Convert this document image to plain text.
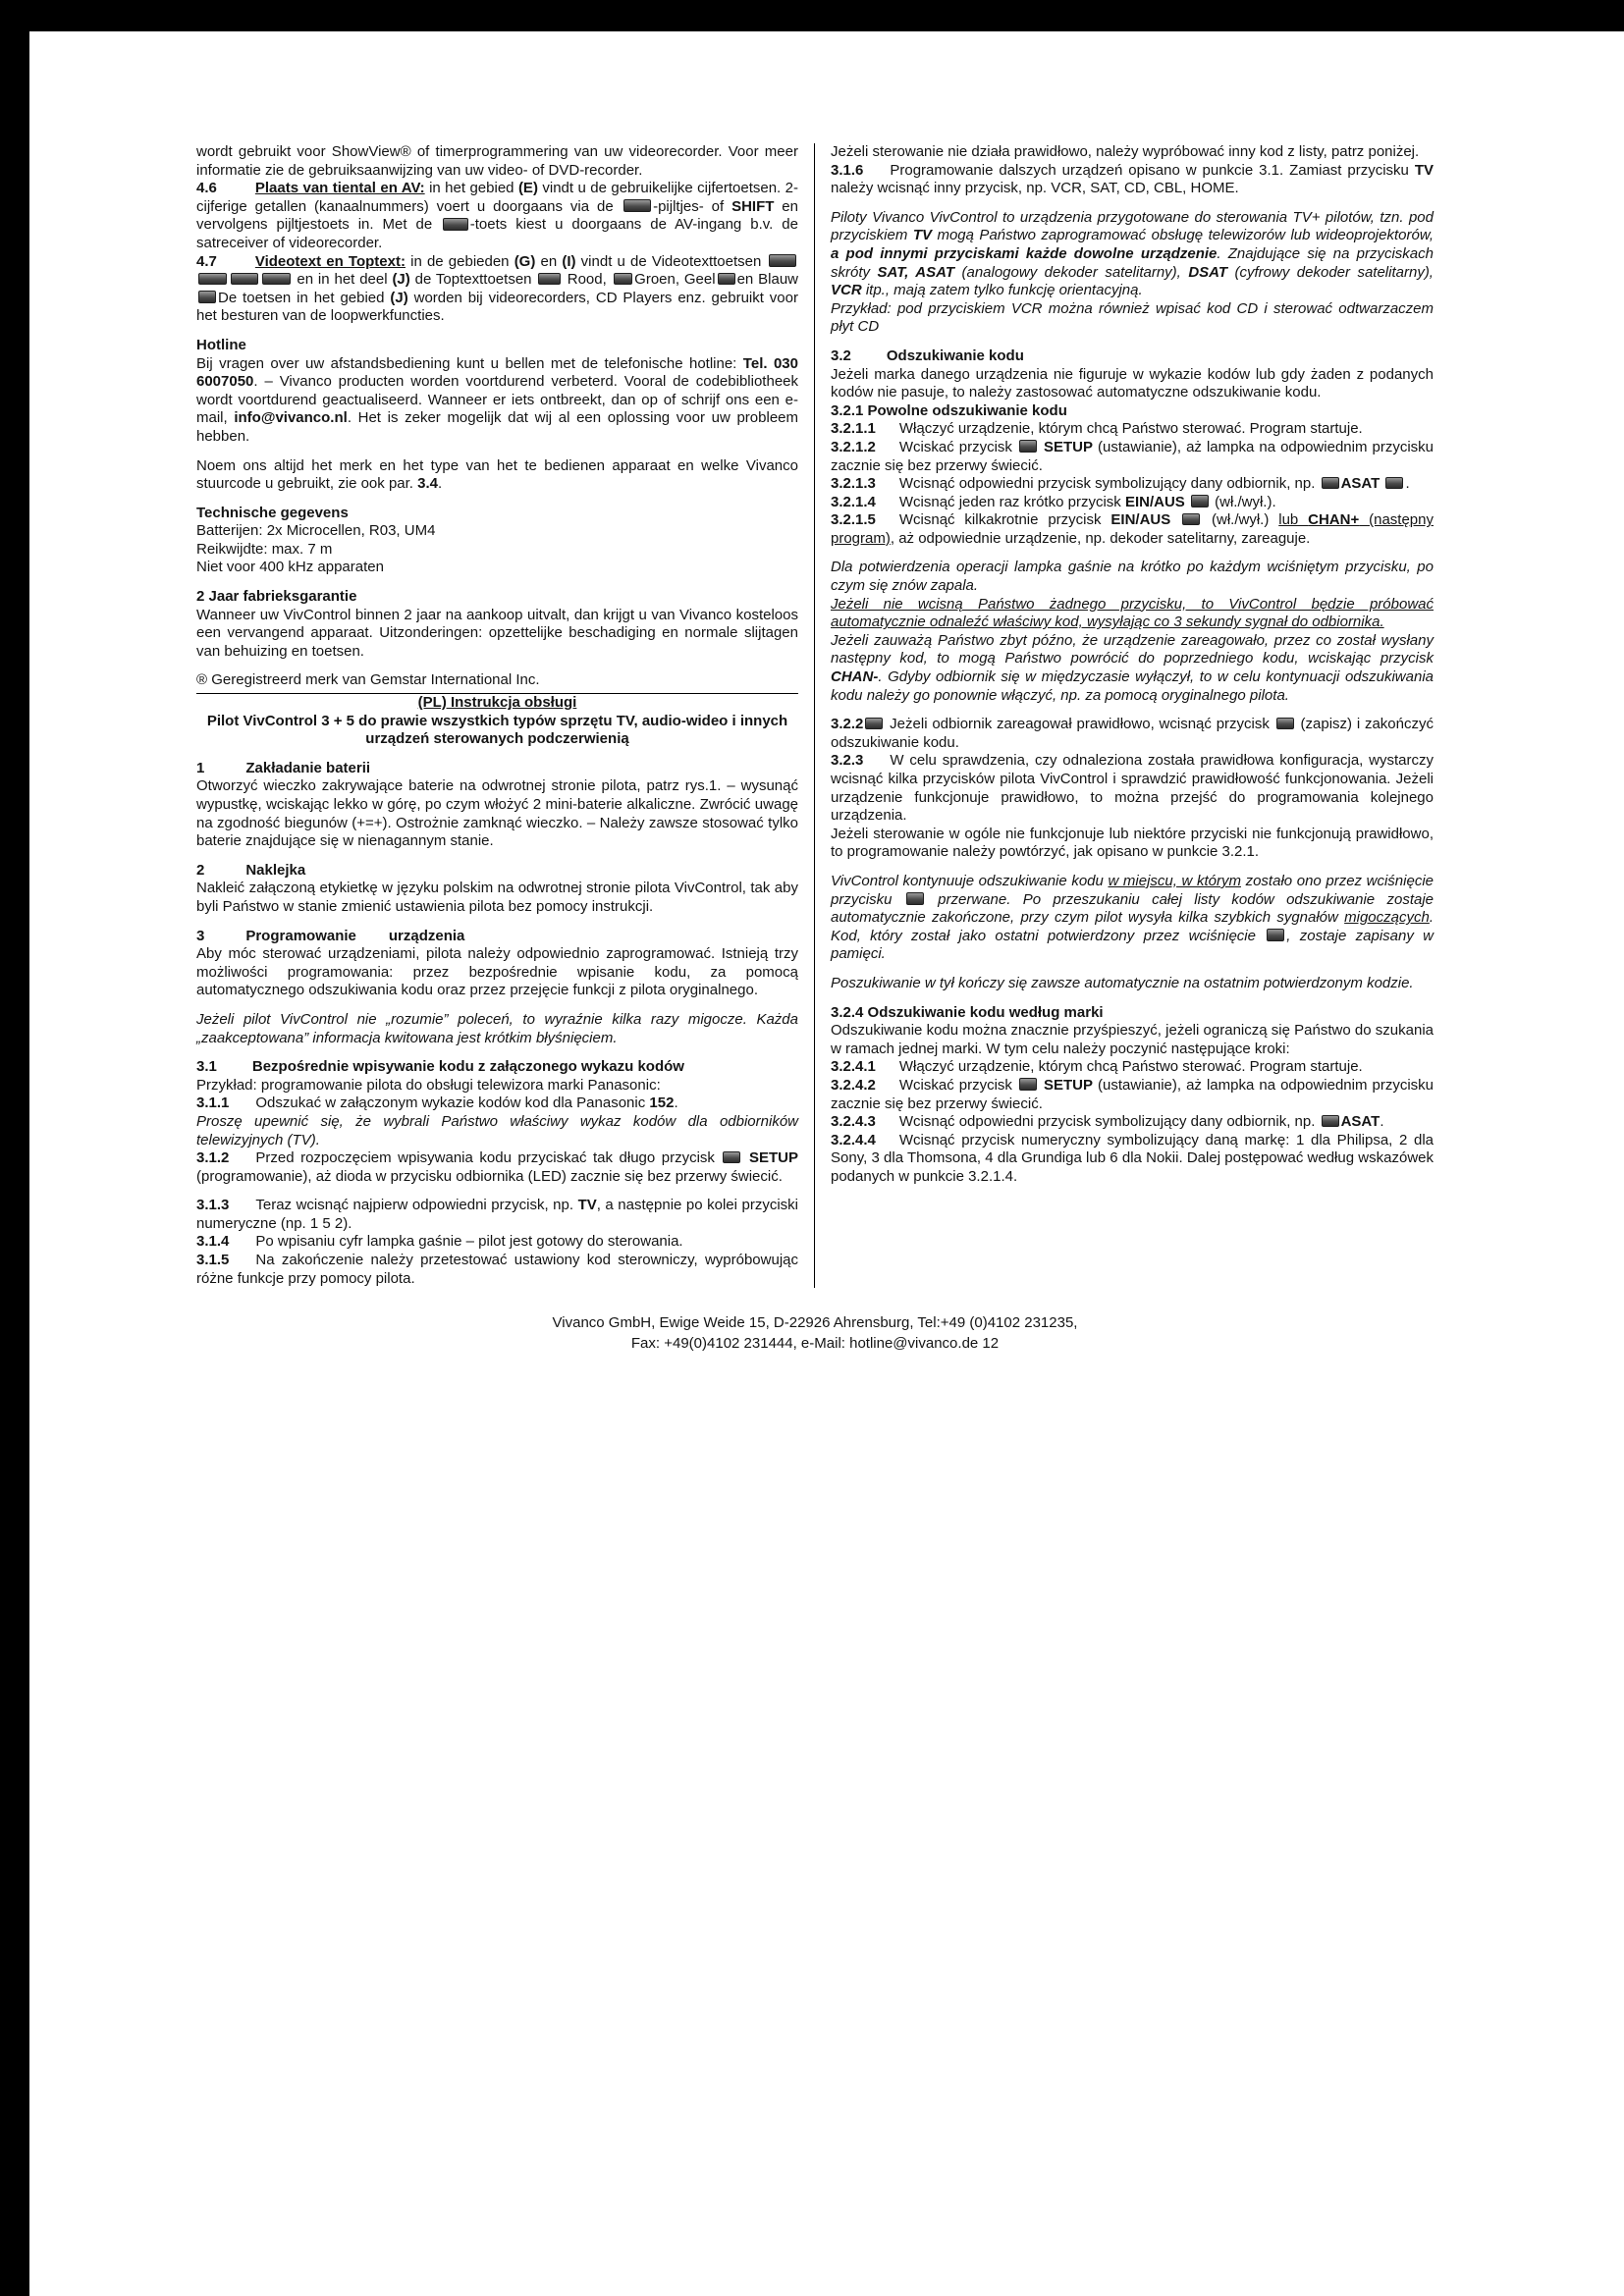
wordt gebruikt voor ShowView® of timerprogrammering van uw videorecorder. Voor meer informatie zie de gebruiksaanwijzing van uw video- of DVD-recorder.
4.6	Plaats van tiental en AV: in het gebied (E) vindt u de gebruikelijke cijfertoetsen. 2-cijferige getallen (kanaalnummers) voert u doorgaans via de -pijltjes- of SHIFT en vervolgens pijltjestoets in. Met de -toets kiest u doorgaans de AV-ingang b.v. de satreceiver of videorecorder.
4.7	Videotext en Toptext: in de gebieden (G) en (I) vindt u de Videotexttoetsen  en in het deel (J) de Toptexttoetsen  Rood, Groen, Geel en BlauwDe toetsen in het gebied (J) worden bij videorecorders, CD Players enz. gebruikt voor het besturen van de loopwerkfuncties.
Hotline
Bij vragen over uw afstandsbediening kunt u bellen met de telefonische hotline: Tel. 030 6007050. – Vivanco producten worden voortdurend verbeterd. Vooral de codebibliotheek wordt voortdurend geactualiseerd. Wanneer er iets ontbreekt, dan op of schrijf ons een e-mail, info@vivanco.nl. Het is zeker mogelijk dat wij al een oplossing voor uw probleem hebben.
Noem ons altijd het merk en het type van het te bedienen apparaat en welke Vivanco stuurcode u gebruikt, zie ook par. 3.4.
Technische gegevens
Batterijen: 2x Microcellen, R03, UM4
Reikwijdte: max. 7 m
Niet voor 400 kHz apparaten
2 Jaar fabrieksgarantie
Wanneer uw VivControl binnen 2 jaar na aankoop uitvalt, dan krijgt u van Vivanco kosteloos een vervangend apparaat. Uitzonderingen: opzettelijke beschadiging en normale slijtagen van behuizing en toetsen.
® Geregistreerd merk van Gemstar International Inc.
(PL) Instrukcja obsługi
Pilot VivControl 3 + 5 do prawie wszystkich typów sprzętu TV, audio-wideo i innych urządzeń sterowanych podczerwienią
1	Zakładanie baterii
Otworzyć wieczko zakrywające baterie na odwrotnej stronie pilota, patrz rys.1. – wysunąć wypustkę, wciskając lekko w górę, po czym włożyć 2 mini-baterie alkaliczne. Zwrócić uwagę na zgodność biegunów (+=+). Ostrożnie zamknąć wieczko. – Należy zawsze stosować tylko baterie znajdujące się w nienagannym stanie.
2	Naklejka
Nakleić załączoną etykietkę w języku polskim na odwrotnej stronie pilota VivControl, tak aby byli Państwo w stanie zmienić ustawienia pilota bez pomocy instrukcji.
3	Programowanie urządzenia
Aby móc sterować urządzeniami, pilota należy odpowiednio zaprogramować. Istnieją trzy możliwości programowania: przez bezpośrednie wpisanie kodu, za pomocą automatycznego odszukiwania kodu oraz przez przejęcie funkcji z pilota oryginalnego.
Jeżeli pilot VivControl nie „rozumie” poleceń, to wyraźnie kilka razy migocze. Każda „zaakceptowana” informacja kwitowana jest krótkim błyśnięciem.
3.1 Bezpośrednie wpisywanie kodu z załączonego wykazu kodów
Przykład: programowanie pilota do obsługi telewizora marki Panasonic:
3.1.1 Odszukać w załączonym wykazie kodów kod dla Panasonic 152.
Proszę upewnić się, że wybrali Państwo właściwy wykaz kodów dla odbiorników telewizyjnych (TV).
3.1.2 Przed rozpoczęciem wpisywania kodu przyciskać tak długo przycisk  SETUP (programowanie), aż dioda w przycisku odbiornika (LED) zacznie się bez przerwy świecić.
3.1.3 Teraz wcisnąć najpierw odpowiedni przycisk, np. TV, a następnie po kolei przyciski numeryczne (np. 1 5 2).
3.1.4 Po wpisaniu cyfr lampka gaśnie – pilot jest gotowy do sterowania.
3.1.5 Na zakończenie należy przetestować ustawiony kod sterowniczy, wypróbowując różne funkcje przy pomocy pilota.
Jeżeli sterowanie nie działa prawidłowo, należy wypróbować inny kod z listy, patrz poniżej.
3.1.6 Programowanie dalszych urządzeń opisano w punkcie 3.1. Zamiast przycisku TV należy wcisnąć inny przycisk, np. VCR, SAT, CD, CBL, HOME.
Piloty Vivanco VivControl to urządzenia przygotowane do sterowania TV+ pilotów, tzn. pod przyciskiem TV mogą Państwo zaprogramować obsługę telewizorów lub wideoprojektorów, a pod innymi przyciskami każde dowolne urządzenie. Znajdujące się na przyciskach skróty SAT, ASAT (analogowy dekoder satelitarny), DSAT (cyfrowy dekoder satelitarny), VCR itp., mają zatem tylko funkcję orientacyjną.
Przykład: pod przyciskiem VCR można również wpisać kod CD i sterować odtwarzaczem płyt CD
3.2 Odszukiwanie kodu
Jeżeli marka danego urządzenia nie figuruje w wykazie kodów lub gdy żaden z podanych kodów nie pasuje, to należy zastosować automatyczne odszukiwanie kodu.
3.2.1 Powolne odszukiwanie kodu
3.2.1.1 Włączyć urządzenie, którym chcą Państwo sterować. Program startuje.
3.2.1.2 Wciskać przycisk  SETUP (ustawianie), aż lampka na odpowiednim przycisku zacznie się bez przerwy świecić.
3.2.1.3 Wcisnąć odpowiedni przycisk symbolizujący dany odbiornik, np. ASAT .
3.2.1.4 Wcisnąć jeden raz krótko przycisk EIN/AUS  (wł./wył.).
3.2.1.5 Wcisnąć kilkakrotnie przycisk EIN/AUS  (wł./wył.) lub CHAN+ (następny program), aż odpowiednie urządzenie, np. dekoder satelitarny, zareaguje.
Dla potwierdzenia operacji lampka gaśnie na krótko po każdym wciśniętym przycisku, po czym się znów zapala.
Jeżeli nie wcisną Państwo żadnego przycisku, to VivControl będzie próbować automatycznie odnaleźć właściwy kod, wysyłając co 3 sekundy sygnał do odbiornika.
Jeżeli zauważą Państwo zbyt późno, że urządzenie zareagowało, przez co został wysłany następny kod, to mogą Państwo powrócić do poprzedniego kodu, wciskając przycisk CHAN-. Gdyby odbiornik się w międzyczasie wyłączył, to w celu kontynuacji odszukiwania kodu należy go ponownie włączyć, np. za pomocą oryginalnego pilota.
3.2.2 Jeżeli odbiornik zareagował prawidłowo, wcisnąć przycisk  (zapisz) i zakończyć odszukiwanie kodu.
3.2.3 W celu sprawdzenia, czy odnaleziona została prawidłowa konfiguracja, wystarczy wcisnąć kilka przycisków pilota VivControl i sprawdzić prawidłowość funkcjonowania. Jeżeli urządzenie funkcjonuje prawidłowo, to można przejść do programowania kolejnego urządzenia.
Jeżeli sterowanie w ogóle nie funkcjonuje lub niektóre przyciski nie funkcjonują prawidłowo, to programowanie należy powtórzyć, jak opisano w punkcie 3.2.1.
VivControl kontynuuje odszukiwanie kodu w miejscu, w którym zostało ono przez wciśnięcie przycisku  przerwane. Po przeszukaniu całej listy kodów odszukiwanie zostaje automatycznie zakończone, przy czym pilot wysyła kilka szybkich sygnałów migoczących. Kod, który został jako ostatni potwierdzony przez wciśnięcie , zostaje zapisany w pamięci.
Poszukiwanie w tył kończy się zawsze automatycznie na ostatnim potwierdzonym kodzie.
3.2.4 Odszukiwanie kodu według marki
Odszukiwanie kodu można znacznie przyśpieszyć, jeżeli ograniczą się Państwo do szukania w ramach jednej marki. W tym celu należy poczynić następujące kroki:
3.2.4.1 Włączyć urządzenie, którym chcą Państwo sterować. Program startuje.
3.2.4.2 Wciskać przycisk  SETUP (ustawianie), aż lampka na odpowiednim przycisku zacznie się bez przerwy świecić.
3.2.4.3 Wcisnąć odpowiedni przycisk symbolizujący dany odbiornik, np. ASAT.
3.2.4.4 Wcisnąć przycisk numeryczny symbolizujący daną markę: 1 dla Philipsa, 2 dla Sony, 3 dla Thomsona, 4 dla Grundiga lub 6 dla Nokii. Dalej postępować według wskazówek podanych w punkcie 3.2.1.4.
Vivanco GmbH, Ewige Weide 15, D-22926 Ahrensburg, Tel:+49 (0)4102 231235,
Fax: +49(0)4102 231444, e-Mail: hotline@vivanco.de 12
